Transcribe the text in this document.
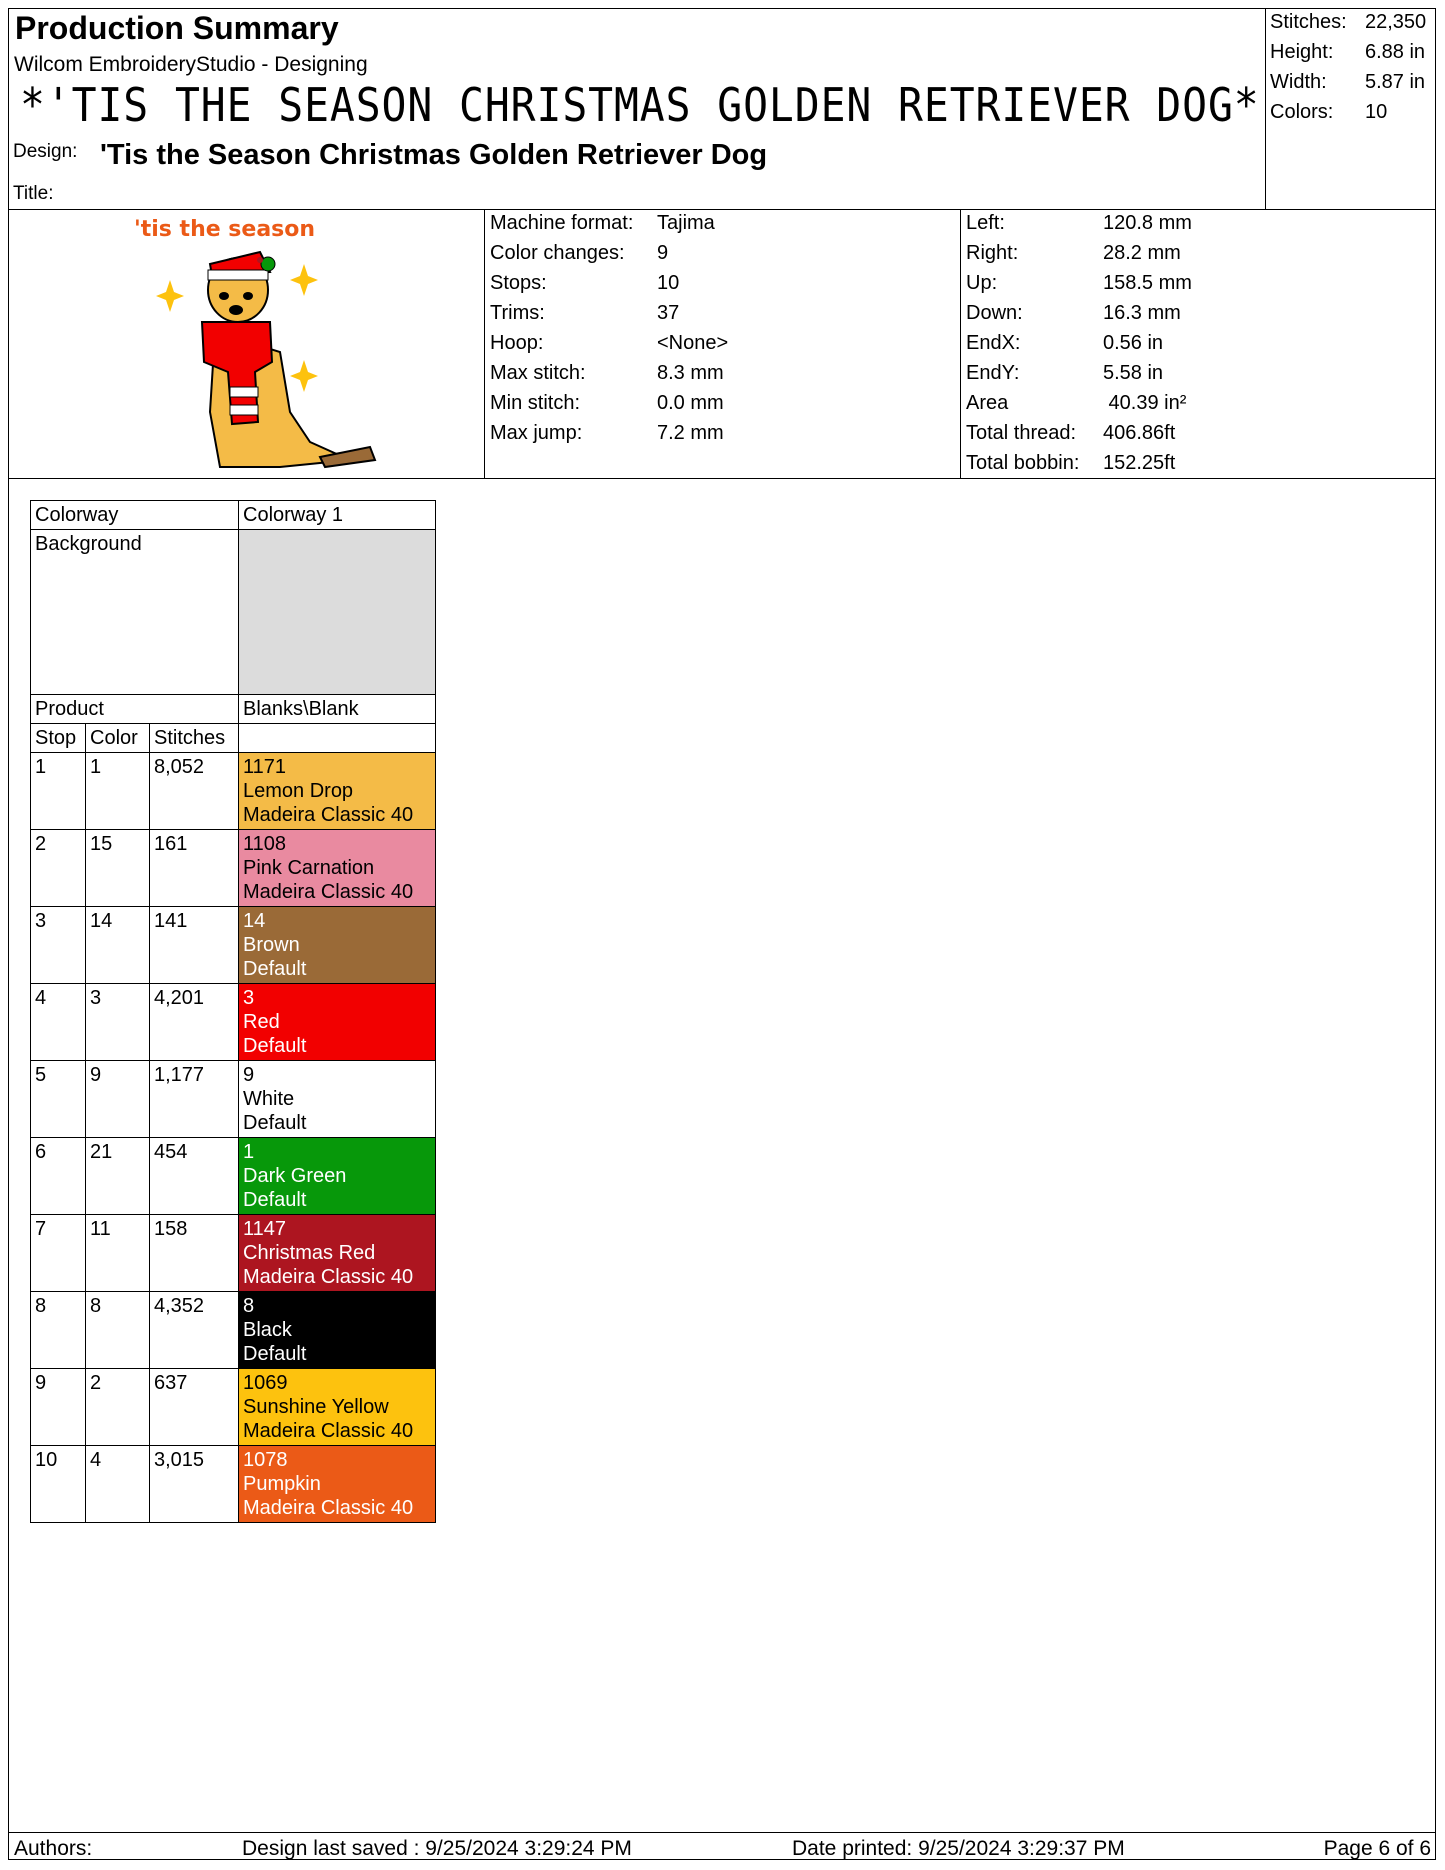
Production Summary
Wilcom EmbroideryStudio - Designing
*'TIS THE SEASON CHRISTMAS GOLDEN RETRIEVER DOG*
Design: 'Tis the Season Christmas Golden Retriever Dog
Title:
Stitches: 22,350
Height: 6.88 in
Width: 5.87 in
Colors: 10
'tis the season	Machine format: Tajima
Color changes: 9
Stops:	10
Trims:	37
Hoop:	<None>
Max stitch:	8.3 mm
Min stitch:	0.0 mm
Max jump:	7.2 mm
Left:	120.8 mm
Right:	28.2 mm
Up:	158.5 mm
Down:	16.3 mm
EndX:	0.56 in
EndY:	5.58 in
Area	40.39 in²
Total thread: 406.86ft
Total bobbin: 152.25ft
Colorway			Colorway 1
Background			
Product			Blanks\Blank
Stop	Color	Stitches	
1	1	8,052	1171
Lemon Drop
Madeira Classic 40

2	15	161	1108
Pink Carnation
Madeira Classic 40

3	14	141	14
Brown
Default

4	3	4,201	3
Red
Default

5	9	1,177	9
White
Default

6	21	454	1
Dark Green
Default

7	11	158	1147
Christmas Red
Madeira Classic 40

8	8	4,352	8
Black
Default

9	2	637	1069
Sunshine Yellow
Madeira Classic 40

10	4	3,015	1078
Pumpkin
Madeira Classic 40
Authors:	Design last saved : 9/25/2024 3:29:24 PM	Date printed: 9/25/2024 3:29:37 PM	Page 6 of 6
